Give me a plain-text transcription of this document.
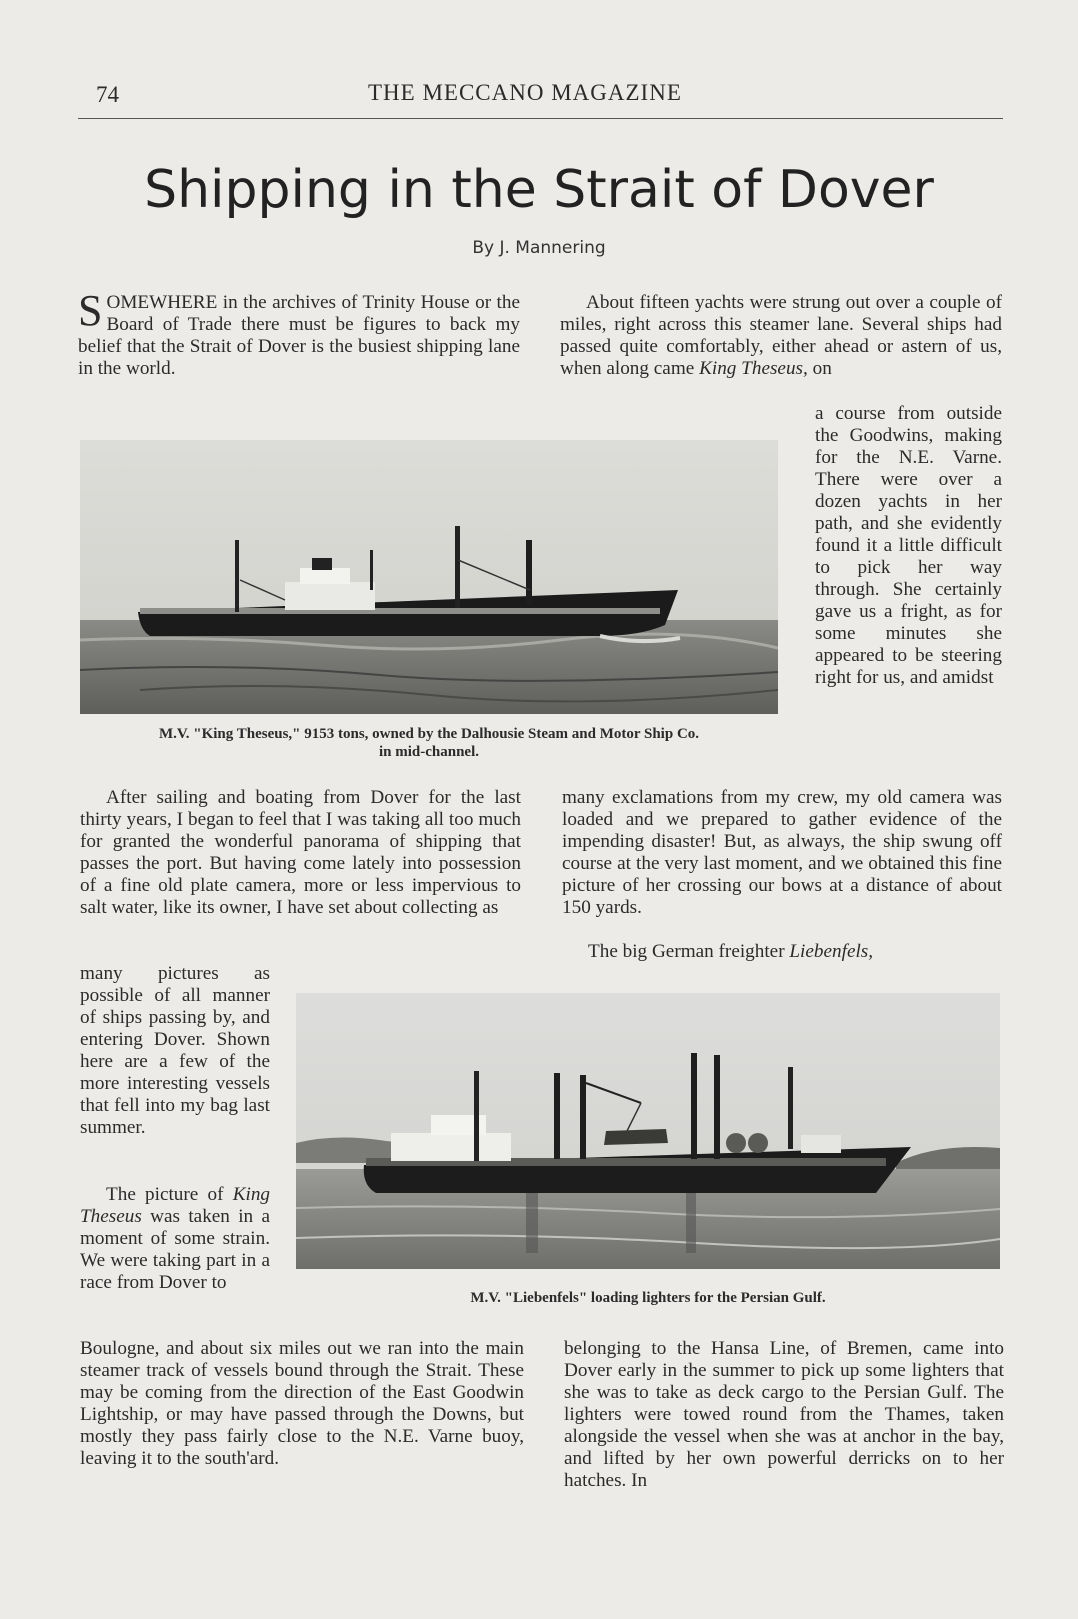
74	THE MECCANO MAGAZINE
Shipping in the Strait of Dover
By J. Mannering

SOMEWHERE in the archives of Trinity House or the Board of Trade there must be figures to back my belief that the Strait of Dover is the busiest shipping lane in the world.

About fifteen yachts were strung out over a couple of miles, right across this steamer lane. Several ships had passed quite comfortably, either ahead or astern of us, when along came King Theseus, on

M.V. "King Theseus," 9153 tons, owned by the Dalhousie Steam and Motor Ship Co.
in mid-channel.

a course from outside the Goodwins, making for the N.E. Varne. There were over a dozen yachts in her path, and she evidently found it a little difficult to pick her way through. She certainly gave us a fright, as for some minutes she appeared to be steering right for us, and amidst

After sailing and boating from Dover for the last thirty years, I began to feel that I was taking all too much for granted the wonderful panorama of shipping that passes the port. But having come lately into possession of a fine old plate camera, more or less impervious to salt water, like its owner, I have set about collecting as

many exclamations from my crew, my old camera was loaded and we prepared to gather evidence of the impending disaster! But, as always, the ship swung off course at the very last moment, and we obtained this fine picture of her crossing our bows at a distance of about 150 yards.

The big German freighter Liebenfels,

many pictures as possible of all manner of ships passing by, and entering Dover. Shown here are a few of the more interesting vessels that fell into my bag last summer.

The picture of King Theseus was taken in a moment of some strain. We were taking part in a race from Dover to

M.V. "Liebenfels" loading lighters for the Persian Gulf.

Boulogne, and about six miles out we ran into the main steamer track of vessels bound through the Strait. These may be coming from the direction of the East Goodwin Lightship, or may have passed through the Downs, but mostly they pass fairly close to the N.E. Varne buoy, leaving it to the south'ard.

belonging to the Hansa Line, of Bremen, came into Dover early in the summer to pick up some lighters that she was to take as deck cargo to the Persian Gulf. The lighters were towed round from the Thames, taken alongside the vessel when she was at anchor in the bay, and lifted by her own powerful derricks on to her hatches. In
